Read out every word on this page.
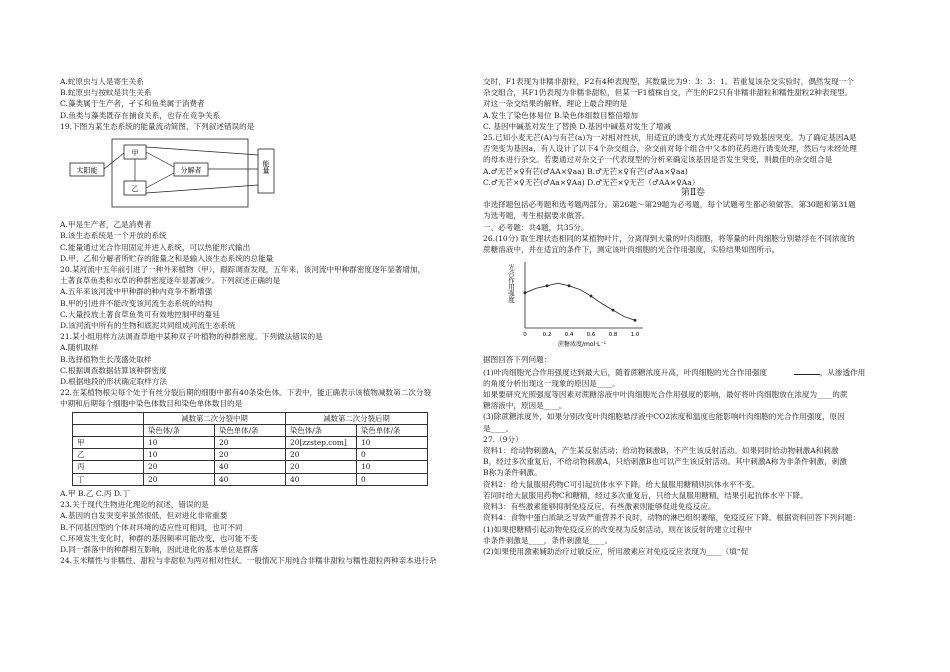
A.蛇原虫与人是寄生关系

B.蛇原虫与按蚊是共生关系

C.藻类属于生产者，孑孓和鱼类属于消费者

D.鱼类与藻类既存在捕食关系，也存在竞争关系

19.下图为某生态系统的能量流动简图，下列叙述错误的是

太阳能
甲
乙
分解者	能量

A.甲是生产者，乙是消费者

B.该生态系统是一个开放的系统

C.能量通过光合作用固定并进入系统，可以热能形式输出

D.甲、乙和分解者所贮存的能量之和是输入该生态系统的总能量

20.某河流中五年前引进了一种外来植物（甲），跟踪调查发现，五年来，该河流中甲种群密度逐年显著增加，

土著食草鱼类和水草的种群密度逐年显著减少。下列叙述正确的是

A.五年来该河流中甲种群的种内竞争不断增强

B.甲的引进并不能改变该河流生态系统的结构

C.大量投放土著食草鱼类可有效地控制甲的蔓延

D.该河流中所有的生物和底泥共同组成河流生态系统

21.某小组用样方法调查草地中某种双子叶植物的种群密度。下列做法错误的是

A.随机取样

B.选择植物生长茂盛处取样

C.根据调查数据估算该种群密度

D.根据地段的形状确定取样方法

22.在某植物根尖每个处于有丝分裂后期的细胞中都有40条染色体。下表中，能正确表示该植物减数第二次分裂

中期和后期每个细胞中染色体数目和染色单体数目的是

	减数第二次分裂中期		减数第二次分裂后期	
	染色体/条	染色单体/条	染色体/条	染色单体/条
甲	10	20	20[zzstep.com]	10
乙	10	20	20	0
丙	20	40	20	10
丁	20	40	40	0

A.甲 B.乙 C.丙 D.丁

23.关于现代生物进化理论的叙述，错误的是

A.基因的自发突变率虽然很低，但对进化非常重要

B.不同基因型的个体对环境的适应性可相同，也可不同

C.环境发生变化时，种群的基因频率可能改变，也可能不变

D.同一群落中的种群相互影响，因此进化的基本单位是群落

24.玉米糯性与非糯性、甜粒与非甜粒为两对相对性状。一般情况下用纯合非糯非甜粒与糯性甜粒两种亲本进行杂

交时，F1表现为非糯非甜粒，F2有4种表现型，其数量比为9：3：3：1。若重复该杂交实验时，偶然发现一个

杂交组合，其F1仍表现为非糯非甜粒，但某一F1植株自交，产生的F2只有非糯非甜粒和糯性甜粒2种表现型。

对这一杂交结果的解释，理论上最合理的是

A.发生了染色体易位 B.染色体组数目整倍增加

C. 基因中碱基对发生了替换 D.基因中碱基对发生了增减

25.已知小麦无芒(A)与有芒(a)为一对相对性状，用适宜的诱变方式处理花药可导致基因突变。为了确定基因A是

否突变为基因a，有人设计了以下4个杂交组合，杂交前对每个组合中父本的花药进行诱变处理，然后与未经处理

的母本进行杂交。若要通过对杂交子一代表现型的分析来确定该基因是否发生突变，则最佳的杂交组合是

A.♂无芒×♀有芒(♂AA×♀aa) B.♂无芒×♀有芒(♂Aa×♀aa)

C.♂无芒×♀无芒(♂Aa×♀Aa) D.♂无芒×♀无芒（♂AA×♀Aa）

第Ⅱ卷

非选择题包括必考题和选考题两部分。第26题～第29题为必考题，每个试题考生都必须做答。第30题和第31题

为选考题，考生根据要求做答。

一、必考题：共4题，共35分。

26.(10分) 取生理状态相同的某植物叶片，分离得到大量的叶肉细胞，将等量的叶肉细胞分别悬浮在不同浓度的

蔗糖溶液中，并在适宜的条件下，测定该叶肉细胞的光合作用强度，实验结果如图所示。

光合作用强度
0	0.2 0.4 0.6 0.8 1.0
蔗糖浓度/mol·L⁻¹

据图回答下列问题：

(1)叶肉细胞光合作用强度达到最大后，随着蔗糖浓度升高，叶肉细胞的光合作用强度	，从渗透作用

的角度分析出现这一现象的原因是____。

如果要研究光照强度等因素对蔗糖溶液中叶肉细胞光合作用强度的影响，最好将叶肉细胞放在浓度为____的蔗

糖溶液中，原因是____。

(3)除蔗糖浓度外，如果分别改变叶肉细胞悬浮液中CO2浓度和温度也能影响叶肉细胞的光合作用强度，原因

是____。

27.（9分）

资料1：给动物刺激A，产生某反射活动；给动物刺激B，不产生该反射活动。如果同时给动物刺激A和刺激

B，经过多次重复后，不给动物刺激A，只给刺激B也可以产生该反射活动。其中刺激A称为非条件刺激，刺激

B称为条件刺激。

资料2：给大鼠服用药物C可引起抗体水平下降。给大鼠服用糖精则抗体水平不变。

若同时给大鼠服用药物C和糖精，经过多次重复后，只给大鼠服用糖精，结果引起抗体水平下降。

资料3：有些激素能够抑制免疫反应，有些激素则能够促进免疫反应。

资料4：食物中蛋白质缺乏导致严重营养不良时，动物的淋巴组织萎缩，免疫反应下降。根据资料回答下列问题：

(1)如果把糖精引起动物免疫反应的改变视为反射活动，则在该反射的建立过程中

非条件刺激是____，条件刺激是____。

(2)如果使用激素辅助治疗过敏反应，所用激素应对免疫反应表现为____（填“促
